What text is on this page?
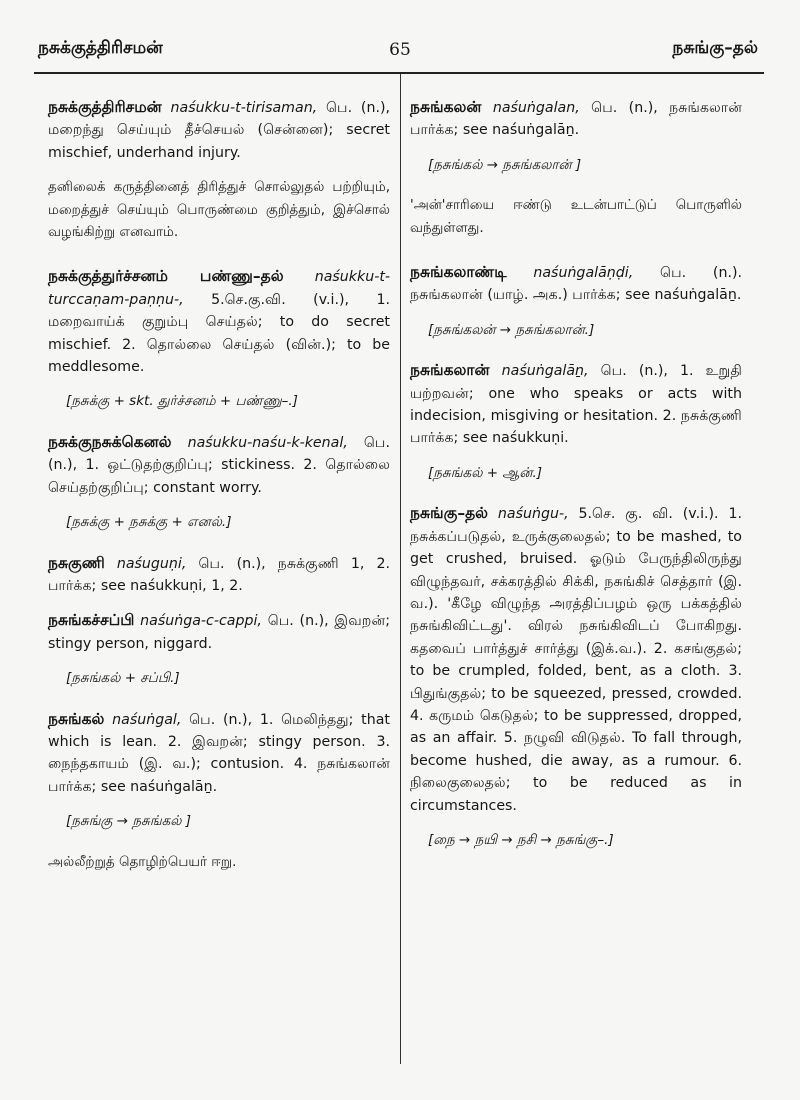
நசுக்குத்திரிசமன்	65	நசுங்கு–தல்

நசுக்குத்திரிசமன் naśukku-t-tirisaman, பெ. (n.), மறைந்து செய்யும் தீச்செயல் (சென்னை); secret mischief, underhand injury.

தனிலைக் கருத்தினைத் திரித்துச் சொல்லுதல் பற்றியும், மறைத்துச் செய்யும் பொருண்மை குறித்தும், இச்சொல் வழங்கிற்று எனவாம்.

நசுக்குத்துர்ச்சனம் பண்ணு–தல் naśukku-t-turccaṇam-paṇṇu-, 5.செ.கு.வி. (v.i.), 1. மறைவாய்க் குறும்பு செய்தல்; to do secret mischief. 2. தொல்லை செய்தல் (வின்.); to be meddlesome.

[நசுக்கு + skt. துர்ச்சனம் + பண்ணு–.]

நசுக்குநசுக்கெனல் naśukku-naśu-k-kenal, பெ. (n.), 1. ஒட்டுதற்குறிப்பு; stickiness. 2. தொல்லை செய்தற்குறிப்பு; constant worry.

[நசுக்கு + நசுக்கு + எனல்.]

நசுகுணி naśuguṇi, பெ. (n.), நசுக்குணி 1, 2. பார்க்க; see naśukkuṇi, 1, 2.

நசுங்கச்சப்பி naśuṅga-c-cappi, பெ. (n.), இவறன்; stingy person, niggard.

[நசுங்கல் + சப்பி.]

நசுங்கல் naśuṅgal, பெ. (n.), 1. மெலிந்தது; that which is lean. 2. இவறன்; stingy person. 3. நைந்தகாயம் (இ. வ.); contusion. 4. நசுங்கலான் பார்க்க; see naśuṅgalāṉ.

[நசுங்கு → நசுங்கல் ]

அல்லீற்றுத் தொழிற்பெயர் ஈறு.

நசுங்கலன் naśuṅgalan, பெ. (n.), நசுங்கலான் பார்க்க; see naśuṅgalāṉ.

[நசுங்கல் → நசுங்கலான் ]

'அன்'சாரியை ஈண்டு உடன்பாட்டுப் பொருளில் வந்துள்ளது.

நசுங்கலாண்டி naśuṅgalāṇḍi, பெ. (n.). நசுங்கலான் (யாழ். அக.) பார்க்க; see naśuṅgalāṉ.

[நசுங்கலன் → நசுங்கலான்.]

நசுங்கலான் naśuṅgalāṉ, பெ. (n.), 1. உறுதி யற்றவன்; one who speaks or acts with indecision, misgiving or hesitation. 2. நசுக்குணி பார்க்க; see naśukkuṇi.

[நசுங்கல் + ஆன்.]

நசுங்கு–தல் naśuṅgu-, 5.செ. கு. வி. (v.i.). 1. நசுக்கப்படுதல், உருக்குலைதல்; to be mashed, to get crushed, bruised. ஓடும் பேருந்திலிருந்து விழுந்தவர், சக்கரத்தில் சிக்கி, நசுங்கிச் செத்தார் (இ. வ.). 'கீழே விழுந்த அரத்திப்பழம் ஒரு பக்கத்தில் நசுங்கிவிட்டது'. விரல் நசுங்கிவிடப் போகிறது. கதவைப் பார்த்துச் சார்த்து (இக்.வ.). 2. கசங்குதல்; to be crumpled, folded, bent, as a cloth. 3. பிதுங்குதல்; to be squeezed, pressed, crowded. 4. கருமம் கெடுதல்; to be suppressed, dropped, as an affair. 5. நழுவி விடுதல். To fall through, become hushed, die away, as a rumour. 6. நிலைகுலைதல்; to be reduced as in circumstances.

[நை → நயி → நசி → நசுங்கு–.]
